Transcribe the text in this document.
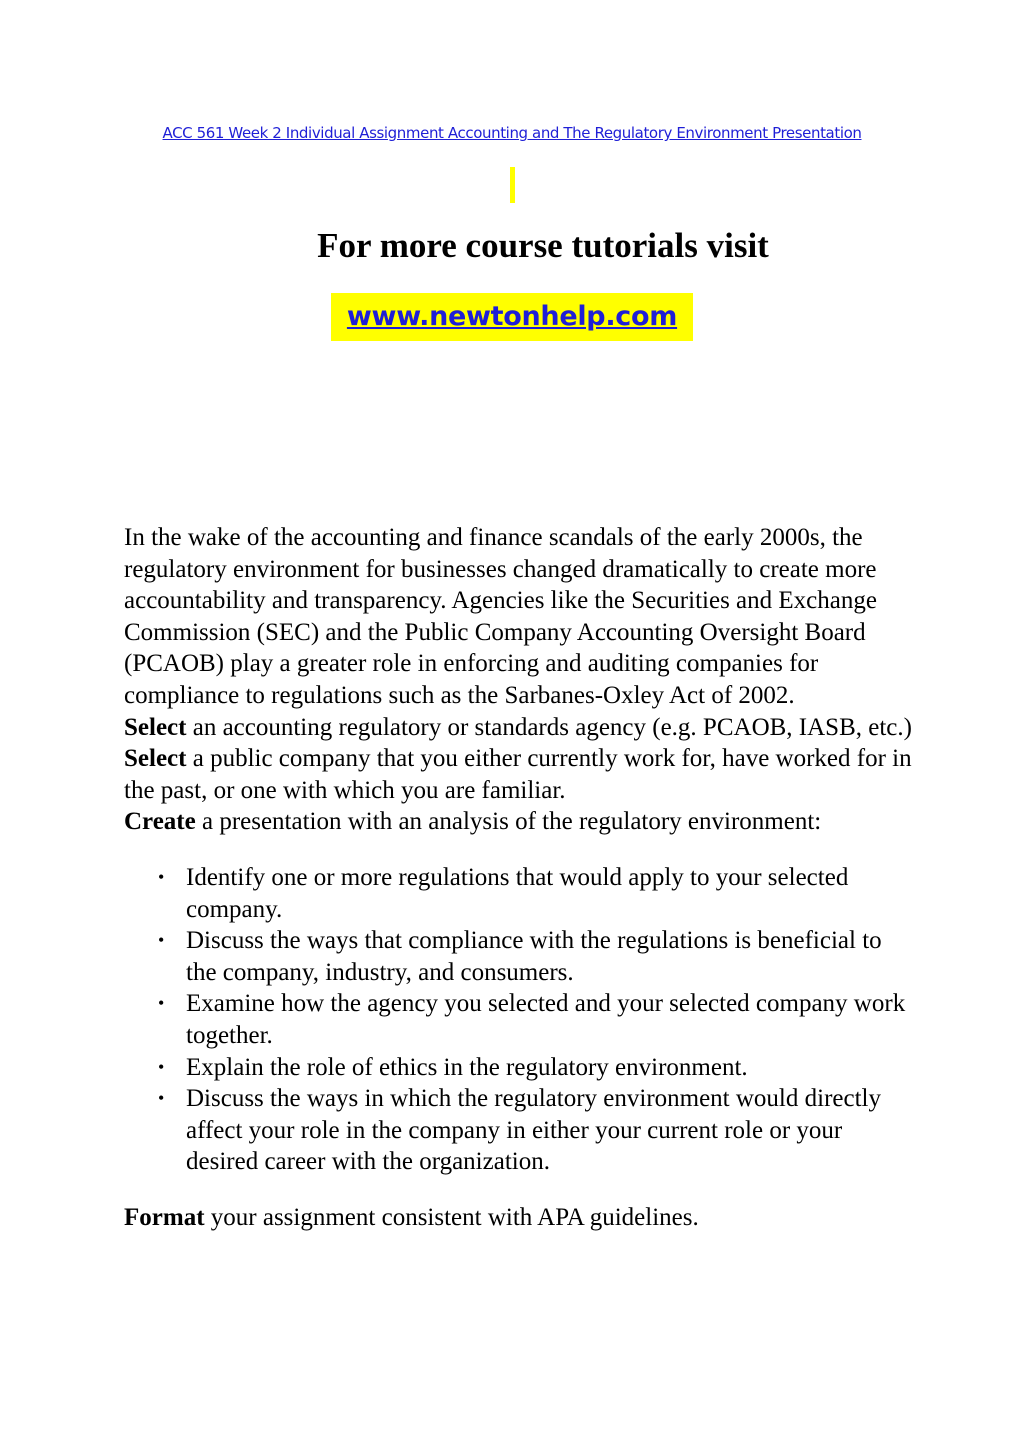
ACC 561 Week 2 Individual Assignment Accounting and The Regulatory Environment Presentation
For more course tutorials visit
www.newtonhelp.com

In the wake of the accounting and finance scandals of the early 2000s, the regulatory environment for businesses changed dramatically to create more accountability and transparency. Agencies like the Securities and Exchange Commission (SEC) and the Public Company Accounting Oversight Board (PCAOB) play a greater role in enforcing and auditing companies for compliance to regulations such as the Sarbanes-Oxley Act of 2002.

Select an accounting regulatory or standards agency (e.g. PCAOB, IASB, etc.)

Select a public company that you either currently work for, have worked for in the past, or one with which you are familiar.

Create a presentation with an analysis of the regulatory environment:

• Identify one or more regulations that would apply to your selected company.
• Discuss the ways that compliance with the regulations is beneficial to the company, industry, and consumers.
• Examine how the agency you selected and your selected company work together.
• Explain the role of ethics in the regulatory environment.
• Discuss the ways in which the regulatory environment would directly affect your role in the company in either your current role or your desired career with the organization.

Format your assignment consistent with APA guidelines.
